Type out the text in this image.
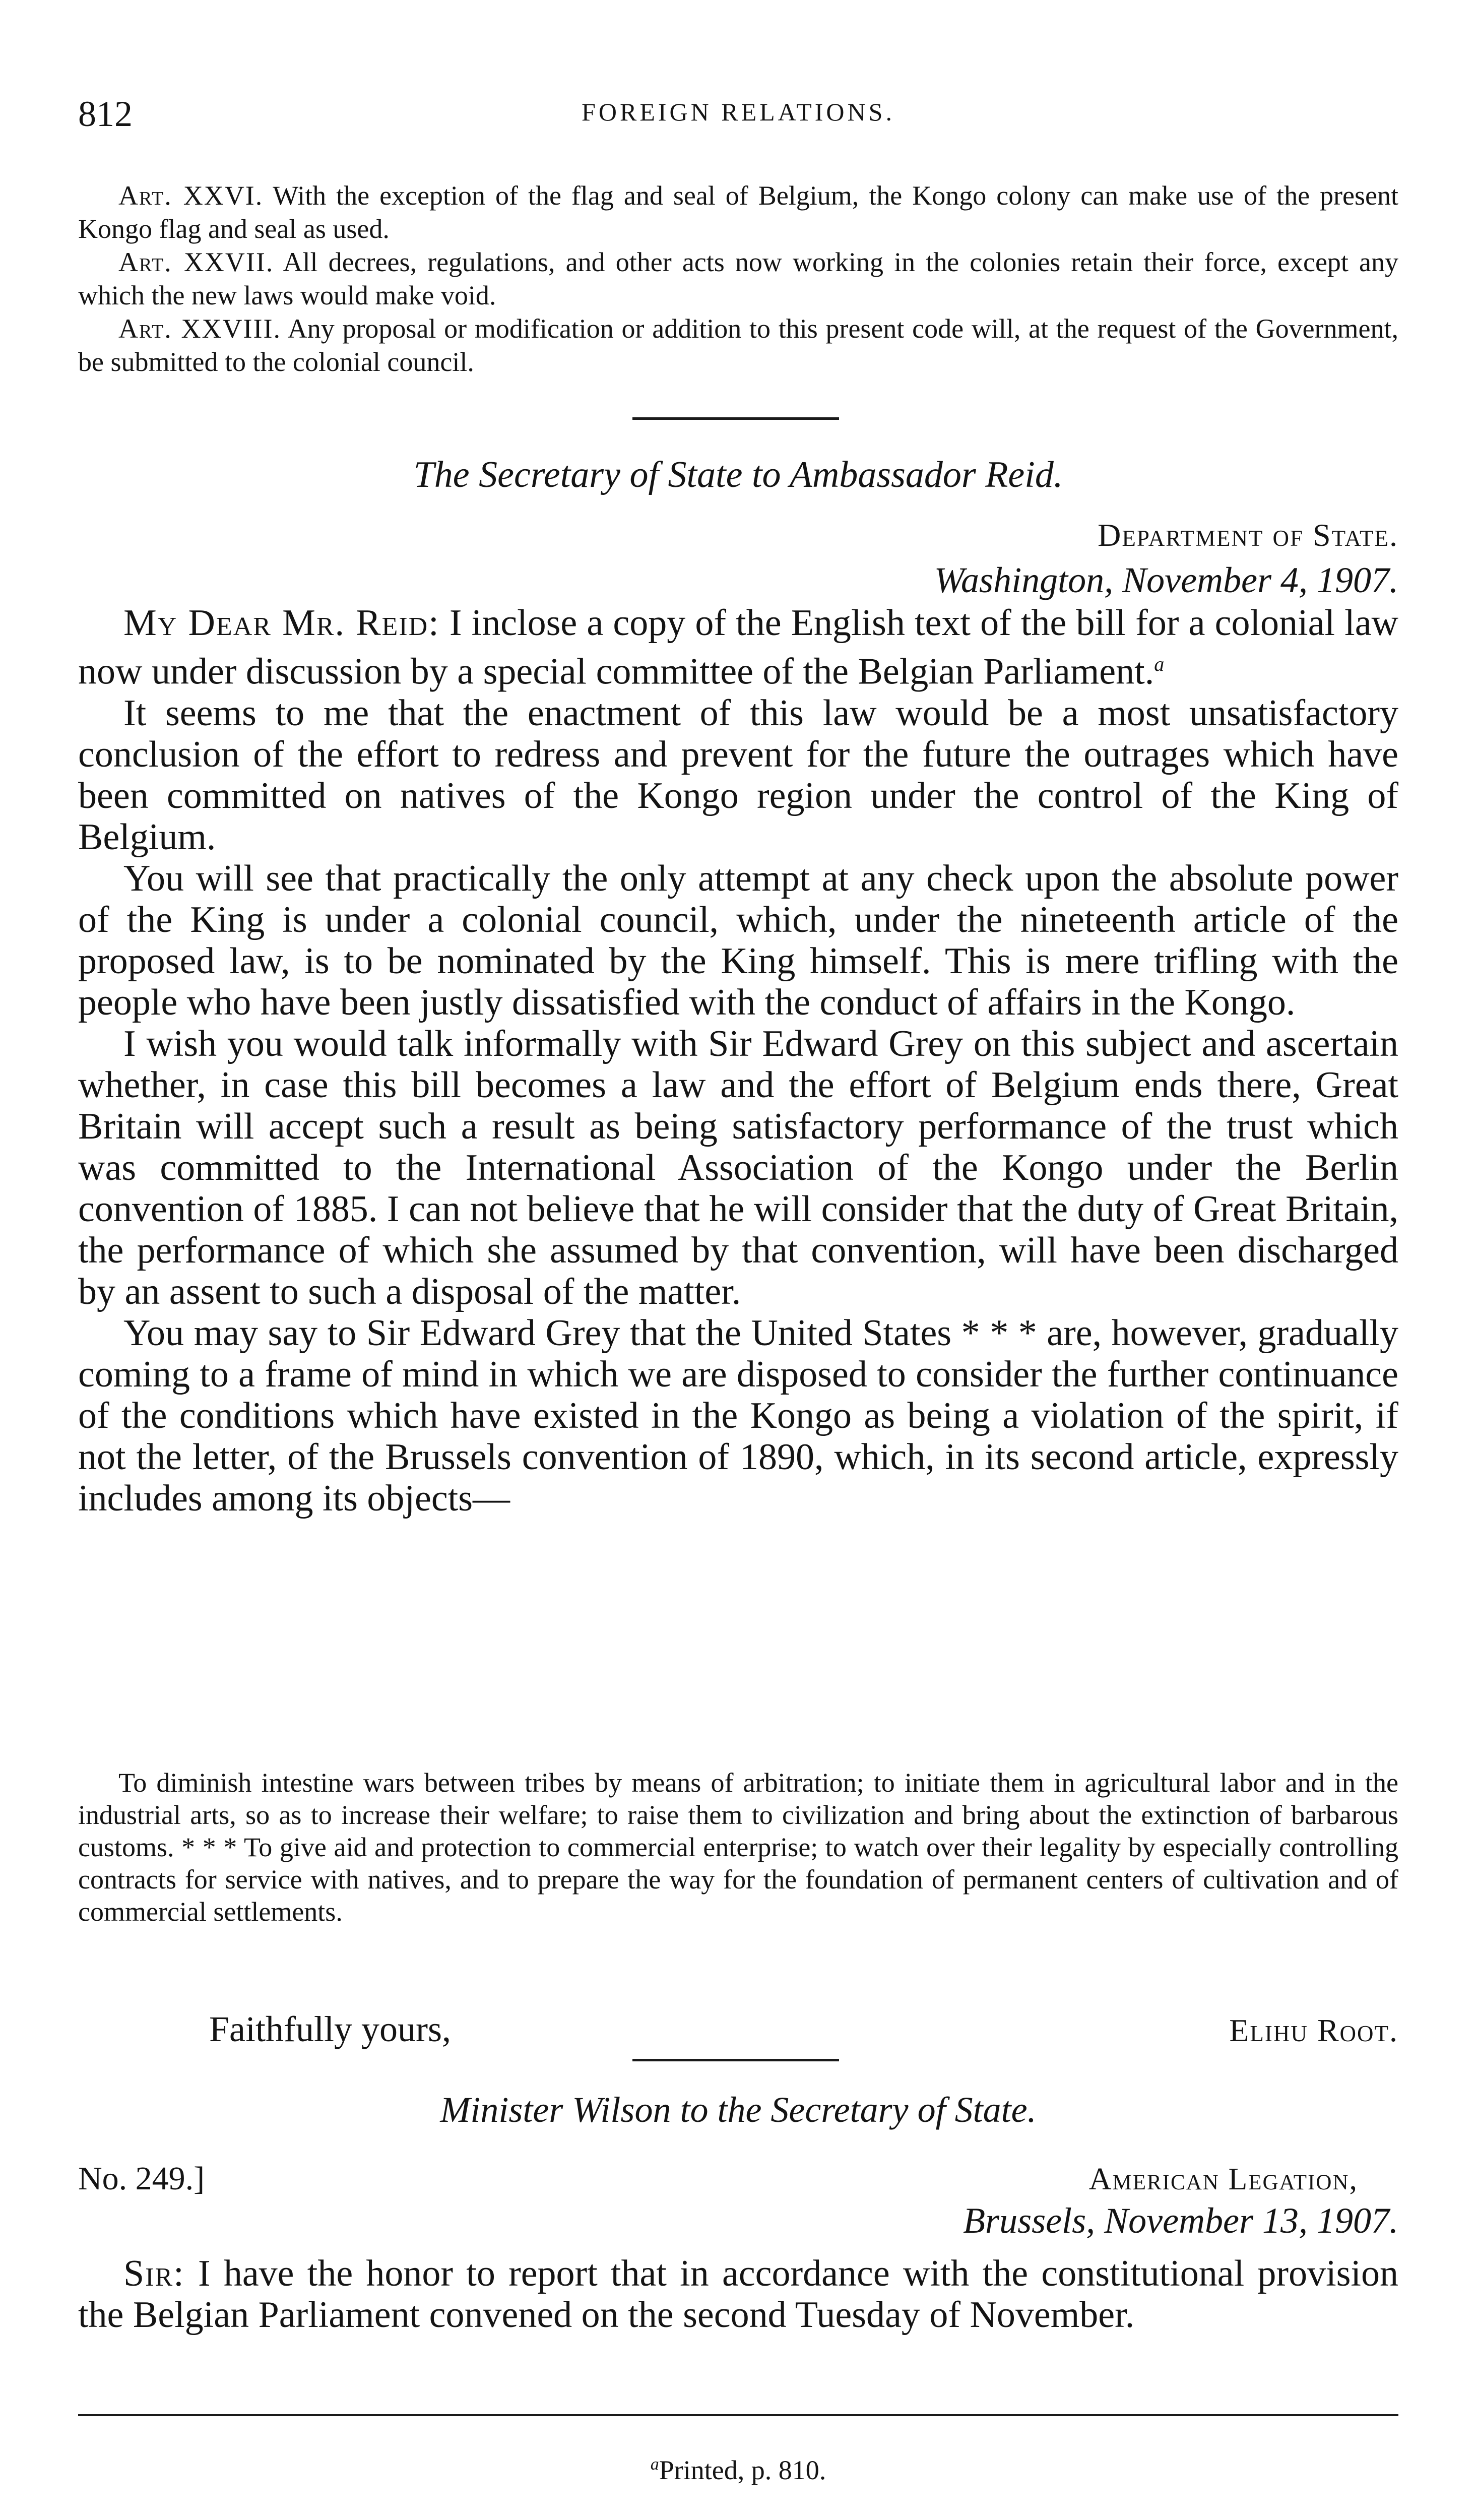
812	FOREIGN RELATIONS.

Art. XXVI. With the exception of the flag and seal of Belgium, the Kongo colony can make use of the present Kongo flag and seal as used.

Art. XXVII. All decrees, regulations, and other acts now working in the colonies retain their force, except any which the new laws would make void.

Art. XXVIII. Any proposal or modification or addition to this present code will, at the request of the Government, be submitted to the colonial council.

The Secretary of State to Ambassador Reid.
Department of State.
Washington, November 4, 1907.

My Dear Mr. Reid: I inclose a copy of the English text of the bill for a colonial law now under discussion by a special committee of the Belgian Parliament.$^a$

It seems to me that the enactment of this law would be a most unsatisfactory conclusion of the effort to redress and prevent for the future the outrages which have been committed on natives of the Kongo region under the control of the King of Belgium.

You will see that practically the only attempt at any check upon the absolute power of the King is under a colonial council, which, under the nineteenth article of the proposed law, is to be nominated by the King himself. This is mere trifling with the people who have been justly dissatisfied with the conduct of affairs in the Kongo.

I wish you would talk informally with Sir Edward Grey on this subject and ascertain whether, in case this bill becomes a law and the effort of Belgium ends there, Great Britain will accept such a result as being satisfactory performance of the trust which was committed to the International Association of the Kongo under the Berlin convention of 1885. I can not believe that he will consider that the duty of Great Britain, the performance of which she assumed by that convention, will have been discharged by an assent to such a disposal of the matter.

You may say to Sir Edward Grey that the United States * * * are, however, gradually coming to a frame of mind in which we are disposed to consider the further continuance of the conditions which have existed in the Kongo as being a violation of the spirit, if not the letter, of the Brussels convention of 1890, which, in its second article, expressly includes among its objects—

To diminish intestine wars between tribes by means of arbitration; to initiate them in agricultural labor and in the industrial arts, so as to increase their welfare; to raise them to civilization and bring about the extinction of barbarous customs. * * * To give aid and protection to commercial enterprise; to watch over their legality by especially controlling contracts for service with natives, and to prepare the way for the foundation of permanent centers of cultivation and of commercial settlements.

Faithfully yours,	Elihu Root.
Minister Wilson to the Secretary of State.
No. 249.]	American Legation,
Brussels, November 13, 1907.

Sir: I have the honor to report that in accordance with the constitutional provision the Belgian Parliament convened on the second Tuesday of November.

$^a$Printed, p. 810.
